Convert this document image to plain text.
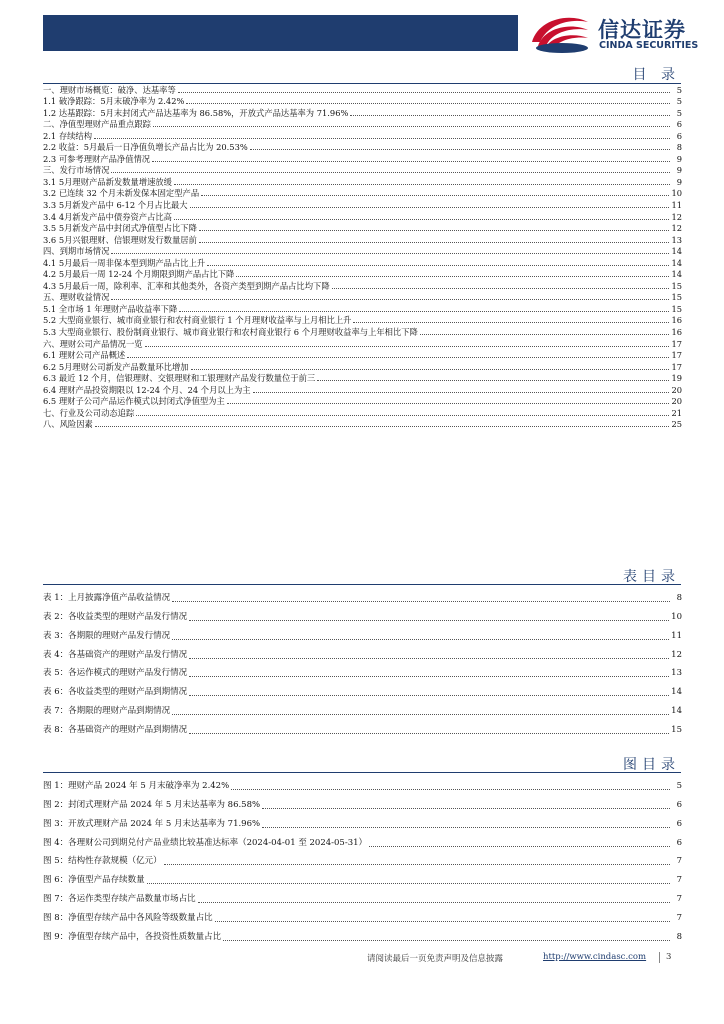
信达证券
CINDA SECURITIES
目 录
一、理财市场概览：破净、达基率等	5
1.1 破净跟踪：5月末破净率为 2.42%	5
1.2 达基跟踪：5月末封闭式产品达基率为 86.58%，开放式产品达基率为 71.96%	5
二、净值型理财产品重点跟踪	6
2.1 存续结构	6
2.2 收益：5月最后一日净值负增长产品占比为 20.53%	8
2.3 可参考理财产品净值情况	9
三、发行市场情况	9
3.1 5月理财产品新发数量增速放缓	9
3.2 已连续 32 个月未新发保本固定型产品	10
3.3 5月新发产品中 6-12 个月占比最大	11
3.4 4月新发产品中债券资产占比高	12
3.5 5月新发产品中封闭式净值型占比下降	12
3.6 5月兴银理财、信银理财发行数量居前	13
四、到期市场情况	14
4.1 5月最后一周非保本型到期产品占比上升	14
4.2 5月最后一周 12-24 个月期限到期产品占比下降	14
4.3 5月最后一周，除利率、汇率和其他类外，各资产类型到期产品占比均下降	15
五、理财收益情况	15
5.1 全市场 1 年理财产品收益率下降	15
5.2 大型商业银行、城市商业银行和农村商业银行 1 个月理财收益率与上月相比上升	16
5.3 大型商业银行、股份制商业银行、城市商业银行和农村商业银行 6 个月理财收益率与上年相比下降	16
六、理财公司产品情况一览	17
6.1 理财公司产品概述	17
6.2 5月理财公司新发产品数量环比增加	17
6.3 最近 12 个月，信银理财、交银理财和工银理财产品发行数量位于前三	19
6.4 理财产品投资期限以 12-24 个月、24 个月以上为主	20
6.5 理财子公司产品运作模式以封闭式净值型为主	20
七、行业及公司动态追踪	21
八、风险因素	25
表目录
表 1：上月披露净值产品收益情况	8
表 2：各收益类型的理财产品发行情况	10
表 3：各期限的理财产品发行情况	11
表 4：各基础资产的理财产品发行情况	12
表 5：各运作模式的理财产品发行情况	13
表 6：各收益类型的理财产品到期情况	14
表 7：各期限的理财产品到期情况	14
表 8：各基础资产的理财产品到期情况	15
图目录
图 1：理财产品 2024 年 5 月末破净率为 2.42%	5
图 2：封闭式理财产品 2024 年 5 月末达基率为 86.58%	6
图 3：开放式理财产品 2024 年 5 月末达基率为 71.96%	6
图 4：各理财公司到期兑付产品业绩比较基准达标率（2024-04-01 至 2024-05-31）	6
图 5：结构性存款规模（亿元）	7
图 6：净值型产品存续数量	7
图 7：各运作类型存续产品数量市场占比	7
图 8：净值型存续产品中各风险等级数量占比	7
图 9：净值型存续产品中，各投资性质数量占比	8
请阅读最后一页免责声明及信息披露	http://www.cindasc.com 3
